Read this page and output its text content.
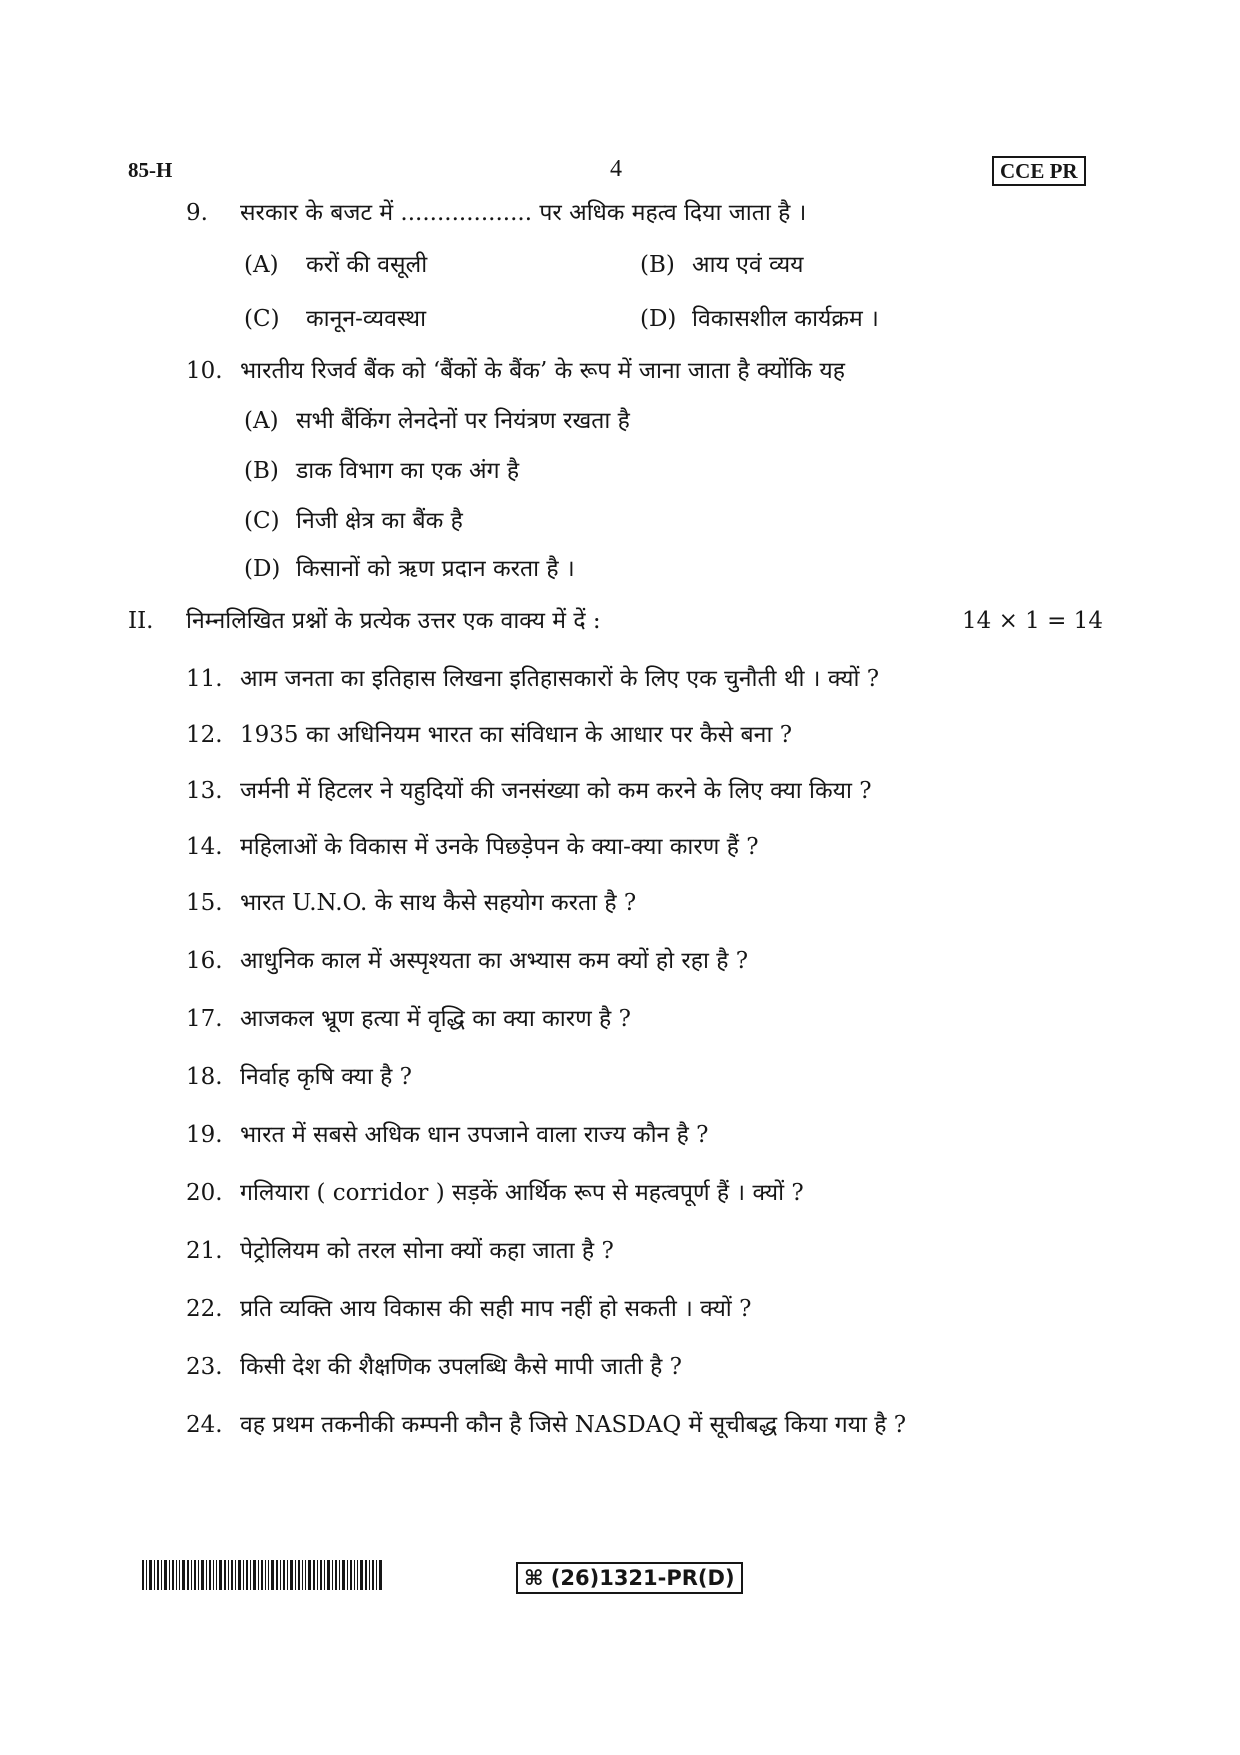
85-H	4	CCE PR
9. सरकार के बजट में .................. पर अधिक महत्व दिया जाता है ।
(A) करों की वसूली	(B) आय एवं व्यय
(C) कानून-व्यवस्था	(D) विकासशील कार्यक्रम ।
10. भारतीय रिजर्व बैंक को ‘बैंकों के बैंक’ के रूप में जाना जाता है क्योंकि यह
(A) सभी बैंकिंग लेनदेनों पर नियंत्रण रखता है
(B) डाक विभाग का एक अंग है
(C) निजी क्षेत्र का बैंक है
(D) किसानों को ऋण प्रदान करता है ।
II. निम्नलिखित प्रश्नों के प्रत्येक उत्तर एक वाक्य में दें :	14 × 1 = 14
11. आम जनता का इतिहास लिखना इतिहासकारों के लिए एक चुनौती थी । क्यों ?
12. 1935 का अधिनियम भारत का संविधान के आधार पर कैसे बना ?
13. जर्मनी में हिटलर ने यहुदियों की जनसंख्या को कम करने के लिए क्या किया ?
14. महिलाओं के विकास में उनके पिछड़ेपन के क्या-क्या कारण हैं ?
15. भारत U.N.O. के साथ कैसे सहयोग करता है ?
16. आधुनिक काल में अस्पृश्यता का अभ्यास कम क्यों हो रहा है ?
17. आजकल भ्रूण हत्या में वृद्धि का क्या कारण है ?
18. निर्वाह कृषि क्या है ?
19. भारत में सबसे अधिक धान उपजाने वाला राज्य कौन है ?
20. गलियारा ( corridor ) सड़कें आर्थिक रूप से महत्वपूर्ण हैं । क्यों ?
21. पेट्रोलियम को तरल सोना क्यों कहा जाता है ?
22. प्रति व्यक्ति आय विकास की सही माप नहीं हो सकती । क्यों ?
23. किसी देश की शैक्षणिक उपलब्धि कैसे मापी जाती है ?
24. वह प्रथम तकनीकी कम्पनी कौन है जिसे NASDAQ में सूचीबद्ध किया गया है ?
⌘ (26)1321-PR(D)
